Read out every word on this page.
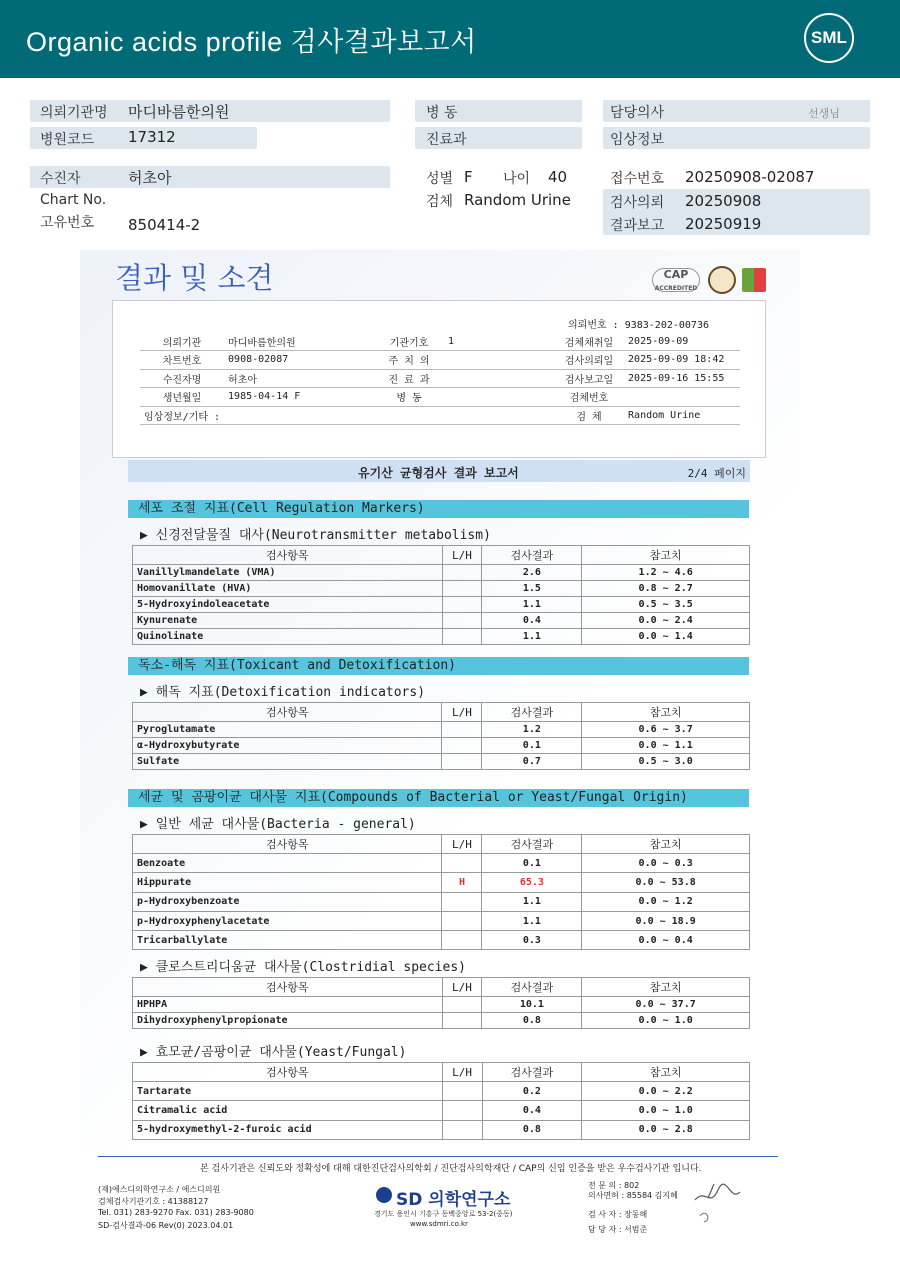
Organic acids profile 검사결과보고서	SML
의뢰기관명 마디바름한의원
병원코드 17312
병 동
진료과
담당의사	선생님
임상정보
수진자	허초아
Chart No.
고유번호 850414-2
성별 F 나이 40
검체 Random Urine
접수번호 20250908-02087
검사의뢰 20250908
결과보고 20250919
결과 및 소견	CAP
ACCREDITED
의뢰번호 : 9383-202-00736
의뢰기관	마디바름한의원	기관기호	1	검체채취일	2025-09-09
차트번호	0908-02087	주 치 의		검사의뢰일	2025-09-09 18:42
수진자명	허초아	진 료 과		검사보고일	2025-09-16 15:55
생년월일	1985-04-14 F	병 동		검체번호	
임상정보/기타 :				검 체	Random Urine
유기산 균형검사 결과 보고서	2/4 페이지
세포 조절 지표(Cell Regulation Markers)
▶ 신경전달물질 대사(Neurotransmitter metabolism)
검사항목	L/H	검사결과	참고치
Vanillylmandelate (VMA)		2.6	1.2 ~ 4.6
Homovanillate (HVA)		1.5	0.8 ~ 2.7
5-Hydroxyindoleacetate		1.1	0.5 ~ 3.5
Kynurenate		0.4	0.0 ~ 2.4
Quinolinate		1.1	0.0 ~ 1.4
독소-해독 지표(Toxicant and Detoxification)
▶ 해독 지표(Detoxification indicators)
검사항목	L/H	검사결과	참고치
Pyroglutamate		1.2	0.6 ~ 3.7
α-Hydroxybutyrate		0.1	0.0 ~ 1.1
Sulfate		0.7	0.5 ~ 3.0
세균 및 곰팡이균 대사물 지표(Compounds of Bacterial or Yeast/Fungal Origin)
▶ 일반 세균 대사물(Bacteria - general)
검사항목	L/H	검사결과	참고치
Benzoate		0.1	0.0 ~ 0.3
Hippurate	H	65.3	0.0 ~ 53.8
p-Hydroxybenzoate		1.1	0.0 ~ 1.2
p-Hydroxyphenylacetate		1.1	0.0 ~ 18.9
Tricarballylate		0.3	0.0 ~ 0.4
▶ 클로스트리디움균 대사물(Clostridial species)
검사항목	L/H	검사결과	참고치
HPHPA		10.1	0.0 ~ 37.7
Dihydroxyphenylpropionate		0.8	0.0 ~ 1.0
▶ 효모균/곰팡이균 대사물(Yeast/Fungal)
검사항목	L/H	검사결과	참고치
Tartarate		0.2	0.0 ~ 2.2
Citramalic acid		0.4	0.0 ~ 1.0
5-hydroxymethyl-2-furoic acid		0.8	0.0 ~ 2.8
본 검사기관은 신뢰도와 정확성에 대해 대한진단검사의학회 / 진단검사의학재단 / CAP의 신임 인증을 받은 우수검사기관 입니다.
(재)에스디의학연구소 / 에스디의원
검체검사기관기호 : 41388127
Tel. 031) 283-9270 Fax. 031) 283-9080
SD-검사결과-06 Rev(0) 2023.04.01
SD 의학연구소
경기도 용인시 기흥구 동백중앙로 53-2(중동)
www.sdmri.co.kr
전 문 의 : 802
의사면허 : 85584 김지혜
검 사 자 : 장동해
담 당 자 : 서범준
